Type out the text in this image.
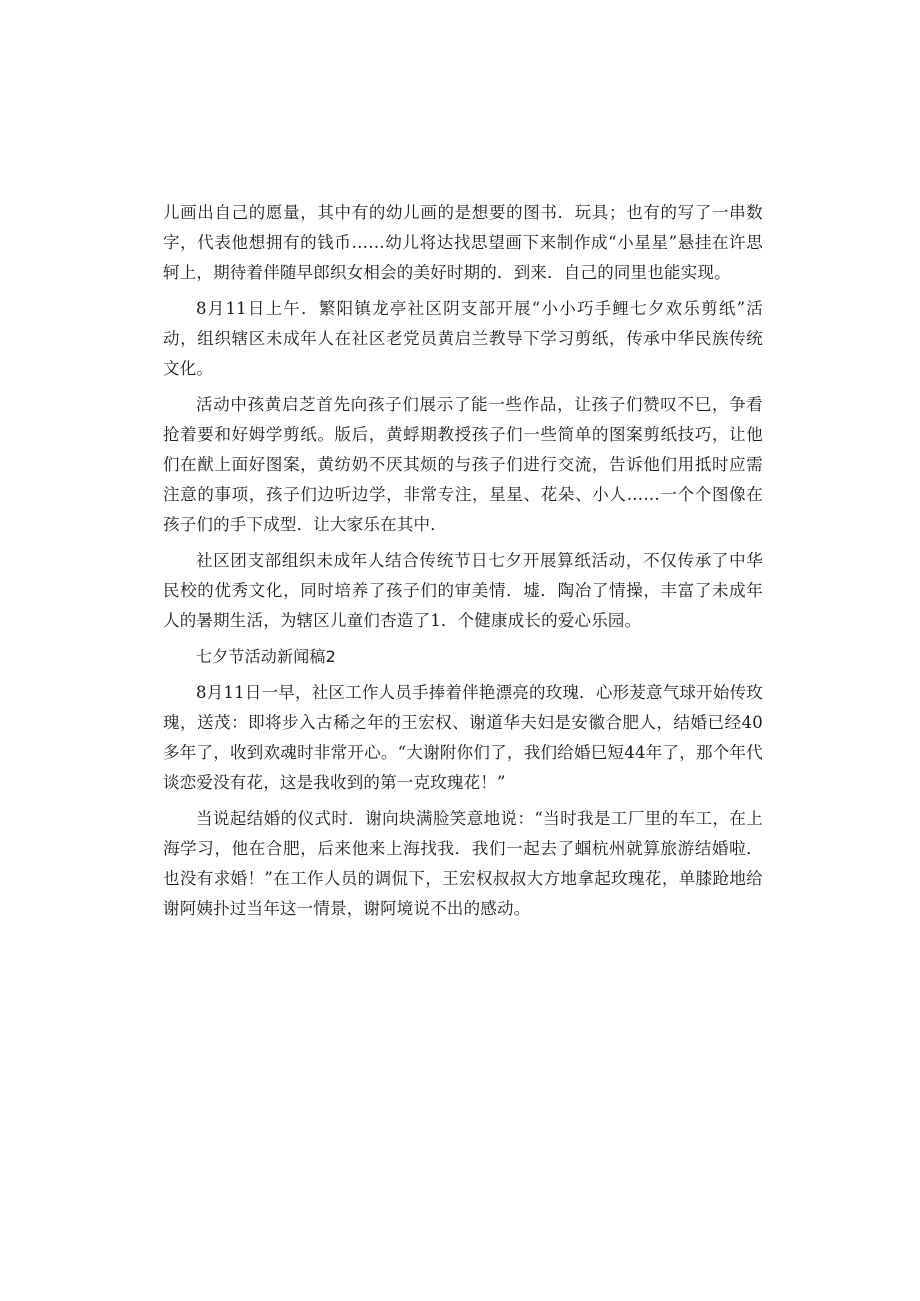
儿画出自己的愿量，其中有的幼儿画的是想要的图书．玩具；也有的写了一串数字，代表他想拥有的钱币……幼儿将达找思望画下来制作成“小星星”悬挂在许思轲上，期待着伴随早郎织女相会的美好时期的．到来．自己的同里也能实现。

8月11日上午．繁阳镇龙亭社区阴支部开展“小小巧手鲤七夕欢乐剪纸”活动，组织辖区未成年人在社区老党员黄启兰教导下学习剪纸，传承中华民族传统文化。

活动中孩黄启芝首先向孩子们展示了能一些作品，让孩子们赞叹不巳，争看抢着要和好姆学剪纸。版后，黄蜉期教授孩子们一些简单的图案剪纸技巧，让他们在猷上面好图案，黄纺奶不厌其烦的与孩子们进行交流，告诉他们用抵时应需注意的事项，孩子们边听边学，非常专注，星星、花朵、小人……一个个图像在孩子们的手下成型．让大家乐在其中．

社区团支部组织未成年人结合传统节日七夕开展算纸活动，不仅传承了中华民校的优秀文化，同时培养了孩子们的审美情．墟．陶冶了情操，丰富了未成年人的暑期生活，为辖区儿童们杏造了1．个健康成长的爱心乐园。

七夕节活动新闻稿2

8月11日一早，社区工作人员手捧着伴艳漂亮的玫瑰．心形茇意气球开始传玫瑰，送茂：即将步入古稀之年的王宏权、谢道华夫妇是安徽合肥人，结婚已经40多年了，收到欢魂时非常开心。“大谢附你们了，我们给婚巳短44年了，那个年代谈恋爱没有花，这是我收到的第一克玫瑰花！”

当说起结婚的仪式时．谢向块满脸笑意地说：“当时我是工厂里的车工，在上海学习，他在合肥，后来他来上海找我．我们一起去了蝈杭州就算旅游结婚啦．也没有求婚！”在工作人员的调侃下，王宏权叔叔大方地拿起玫瑰花，单膝跄地给谢阿姨扑过当年这一情景，谢阿境说不出的感动。
